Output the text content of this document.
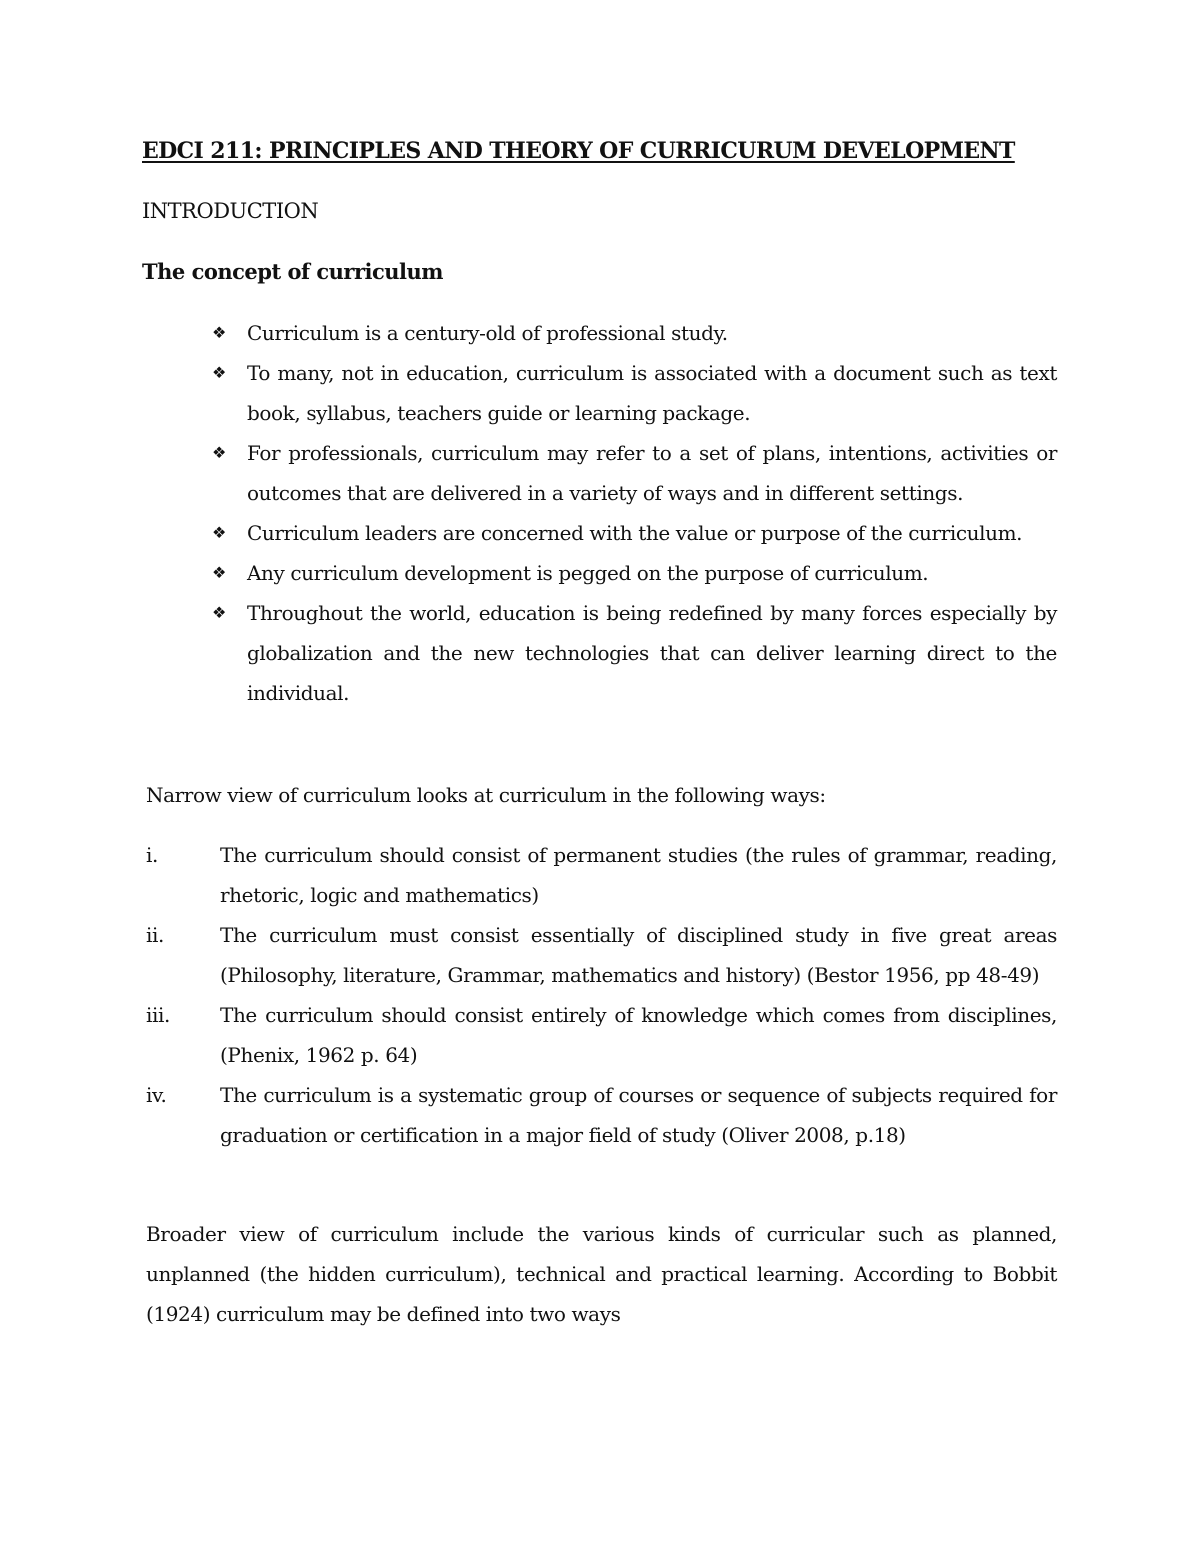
EDCI 211: PRINCIPLES AND THEORY OF CURRICURUM DEVELOPMENT
INTRODUCTION
The concept of curriculum
❖	Curriculum is a century-old of professional study.
❖	To many, not in education, curriculum is associated with a document such as text book, syllabus, teachers guide or learning package.
❖	For professionals, curriculum may refer to a set of plans, intentions, activities or outcomes that are delivered in a variety of ways and in different settings.
❖	Curriculum leaders are concerned with the value or purpose of the curriculum.
❖	Any curriculum development is pegged on the purpose of curriculum.
❖	Throughout the world, education is being redefined by many forces especially by globalization and the new technologies that can deliver learning direct to the individual.

Narrow view of curriculum looks at curriculum in the following ways:

i.	The curriculum should consist of permanent studies (the rules of grammar, reading, rhetoric, logic and mathematics)
ii.	The curriculum must consist essentially of disciplined study in five great areas (Philosophy, literature, Grammar, mathematics and history) (Bestor 1956, pp 48-49)
iii.	The curriculum should consist entirely of knowledge which comes from disciplines, (Phenix, 1962 p. 64)
iv.	The curriculum is a systematic group of courses or sequence of subjects required for graduation or certification in a major field of study (Oliver 2008, p.18)

Broader view of curriculum include the various kinds of curricular such as planned, unplanned (the hidden curriculum), technical and practical learning. According to Bobbit (1924) curriculum may be defined into two ways
